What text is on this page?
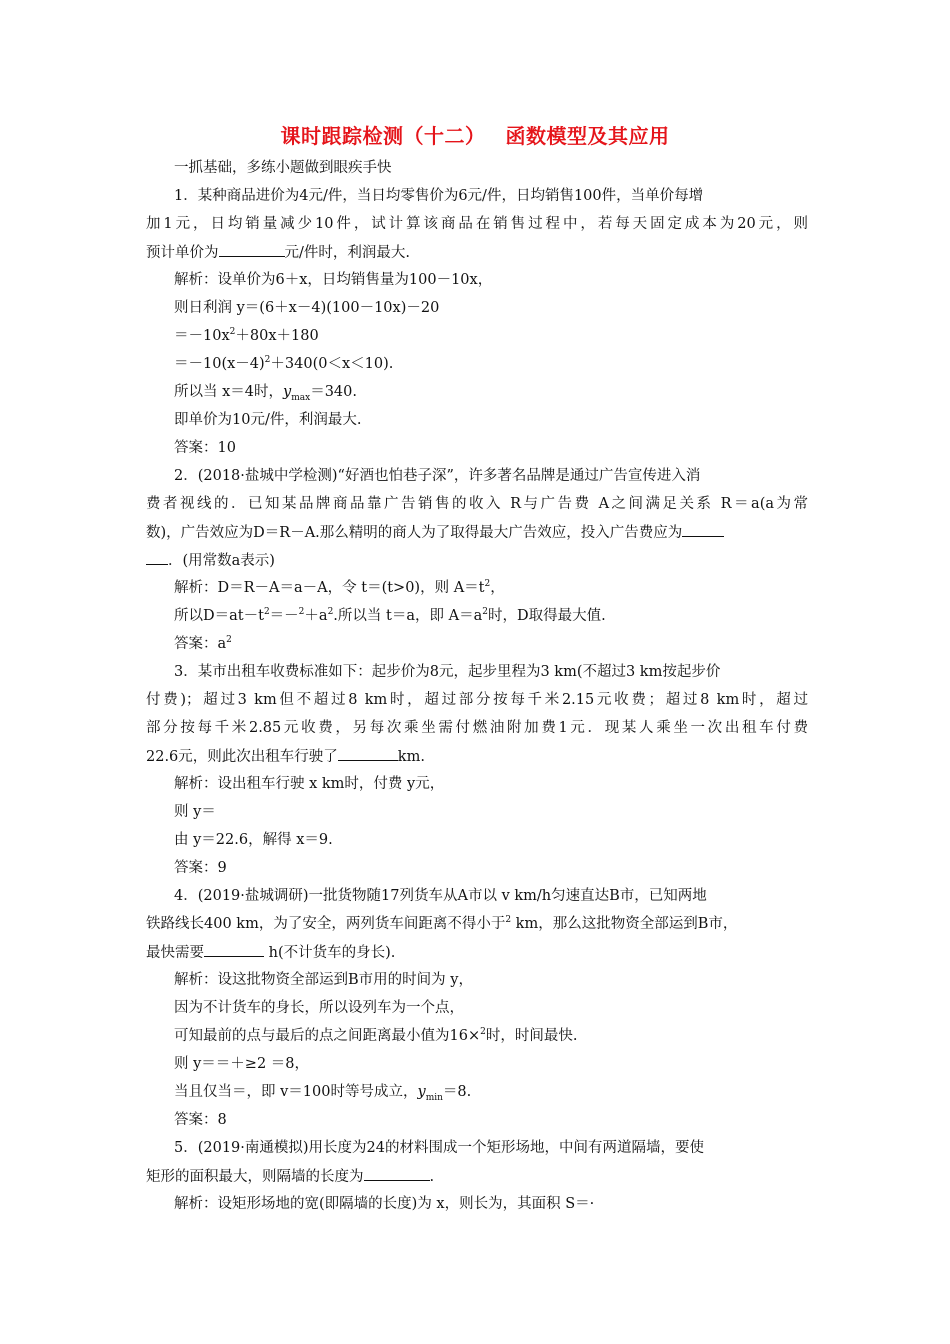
课时跟踪检测（十二） 函数模型及其应用
一抓基础，多练小题做到眼疾手快
1．某种商品进价为4元/件，当日均零售价为6元/件，日均销售100件，当单价每增
加1元，日均销量减少10件，试计算该商品在销售过程中，若每天固定成本为20元，则
预计单价为	元/件时，利润最大.
解析：设单价为6＋x，日均销售量为100－10x，
则日利润 y＝(6＋x－4)(100－10x)－20
$=-10x^2+80x+180$
$=-10(x-4)^2+340(0<x<10)$.
所以当 x＝4时，$y_{max}=340$.
即单价为10元/件，利润最大.
答案：10
2．(2018·盐城中学检测)“好酒也怕巷子深”，许多著名品牌是通过广告宣传进入消
费者视线的．已知某品牌商品靠广告销售的收入 R与广告费 A之间满足关系 R＝a(a为常
数)，广告效应为D＝R－A.那么精明的商人为了取得最大广告效应，投入广告费应为
．(用常数a表示)
解析：D＝R－A＝a－A，令 t＝(t>0)，则 $A=t^2$，
所以$D=at-t^2=-^2+a^2$.所以当 t＝a，即 $A=a^2$时，D取得最大值.
答案：$a^2$
3．某市出租车收费标准如下：起步价为8元，起步里程为3 km(不超过3 km按起步价
付费)；超过3 km但不超过8 km时，超过部分按每千米2.15元收费；超过8 km时，超过
部分按每千米2.85元收费，另每次乘坐需付燃油附加费1元．现某人乘坐一次出租车付费
22.6元，则此次出租车行驶了	km.
解析：设出租车行驶 x km时，付费 y元，
则 y＝
由 y＝22.6，解得 x＝9.
答案：9
4．(2019·盐城调研)一批货物随17列货车从A市以 v km/h匀速直达B市，已知两地
铁路线长400 km，为了安全，两列货车间距离不得小于$^2$ km，那么这批物资全部运到B市，
最快需要	h(不计货车的身长).
解析：设这批物资全部运到B市用的时间为 y，
因为不计货车的身长，所以设列车为一个点，
可知最前的点与最后的点之间距离最小值为16×$^2$时，时间最快.
则 y＝＝＋≥2 ＝8，
当且仅当＝，即 v＝100时等号成立，$y_{min}=8$.
答案：8
5．(2019·南通模拟)用长度为24的材料围成一个矩形场地，中间有两道隔墙，要使
矩形的面积最大，则隔墙的长度为	.
解析：设矩形场地的宽(即隔墙的长度)为 x，则长为，其面积 S＝·
